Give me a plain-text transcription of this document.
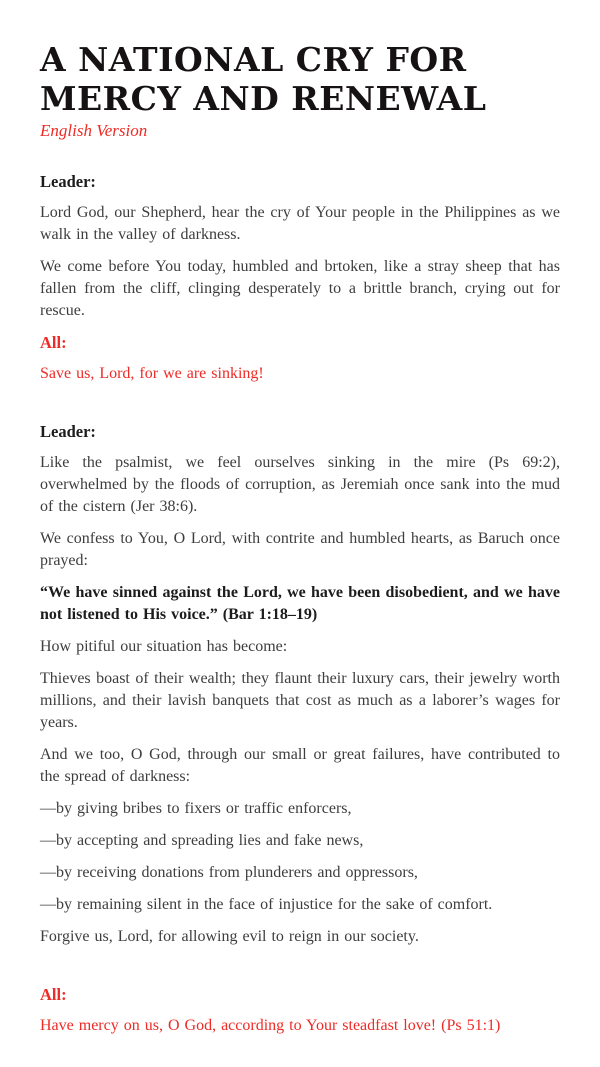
A NATIONAL CRY FOR
MERCY AND RENEWAL
English Version
Leader:

Lord God, our Shepherd, hear the cry of Your people in the Philippines as we walk in the valley of darkness.

We come before You today, humbled and brtoken, like a stray sheep that has fallen from the cliff, clinging desperately to a brittle branch, crying out for rescue.

All:

Save us, Lord, for we are sinking!

Leader:

Like the psalmist, we feel ourselves sinking in the mire (Ps 69:2), overwhelmed by the floods of corruption, as Jeremiah once sank into the mud of the cistern (Jer 38:6).

We confess to You, O Lord, with contrite and humbled hearts, as Baruch once prayed:

“We have sinned against the Lord, we have been disobedient, and we have not listened to His voice.” (Bar 1:18–19)

How pitiful our situation has become:

Thieves boast of their wealth; they flaunt their luxury cars, their jewelry worth millions, and their lavish banquets that cost as much as a laborer’s wages for years.

And we too, O God, through our small or great failures, have contributed to the spread of darkness:

—by giving bribes to fixers or traffic enforcers,

—by accepting and spreading lies and fake news,

—by receiving donations from plunderers and oppressors,

—by remaining silent in the face of injustice for the sake of comfort.

Forgive us, Lord, for allowing evil to reign in our society.

All:

Have mercy on us, O God, according to Your steadfast love! (Ps 51:1)
